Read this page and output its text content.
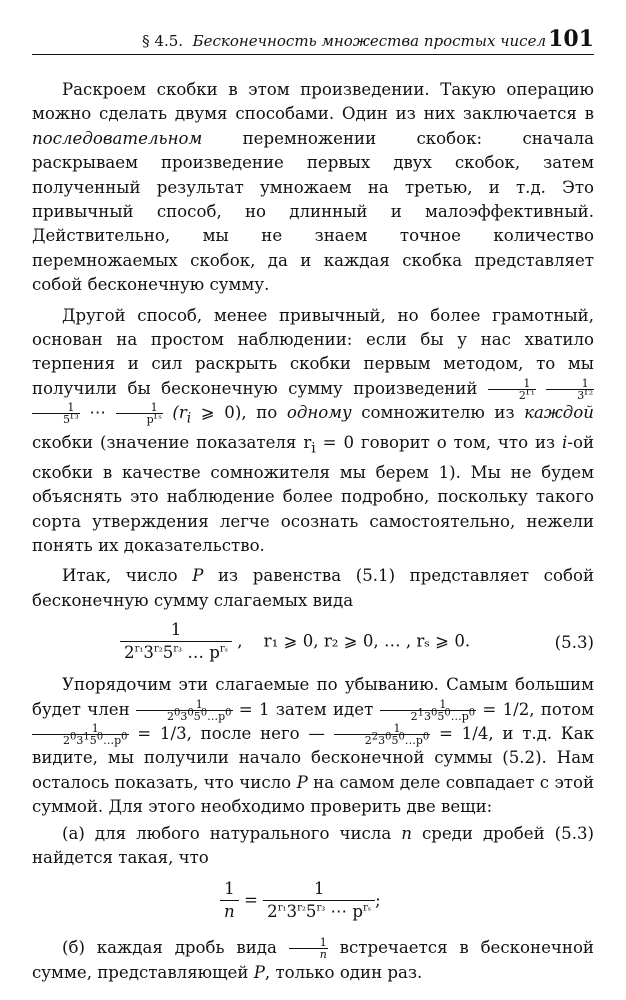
§ 4.5. Бесконечность множества простых чисел 101

Раскроем скобки в этом произведении. Такую операцию можно сделать двумя способами. Один из них заключается в последовательном перемножении скобок: сначала раскрываем произведение первых двух скобок, затем полученный результат умножаем на третью, и т.д. Это привычный способ, но длинный и малоэффективный. Действительно, мы не знаем точное количество перемножаемых скобок, да и каждая скобка представляет собой бесконечную сумму.

Другой способ, менее привычный, но более грамотный, основан на простом наблюдении: если бы у нас хватило терпения и сил раскрыть скобки первым методом, то мы получили бы бесконечную сумму произведений $\frac{1}{2^{r_1}}$
$\frac{1}{3^{r_2}}$

$\frac{1}{5^{r_3}}$ ⋯	1
$p^{r_s}$ ($r_i$ ⩾ 0), по одному сомножителю из каждой скобки (значение показателя $r_i = 0$ говорит о том, что из i-ой скобки в качестве сомножителя мы берем 1). Мы не будем объяснять это наблюдение более подробно, поскольку такого сорта утверждения легче осознать самостоятельно, нежели понять их доказательство.

Итак, число P из равенства (5.1) представляет собой бесконечную сумму слагаемых вида

1
$2^{r_1}3^{r_2}5^{r_3}$ … $p^{r_s}$ ,    r₁ ⩾ 0, r₂ ⩾ 0, … , rₛ ⩾ 0.	(5.3)

Упорядочим эти слагаемые по убыванию. Самым большим будет член $\frac{1}{2^03^05^0\dots p^0} = 1$ затем идет $\frac{1}{2^13^05^0\dots p^0} = 1/2$, потом
$\frac{1}{2^03^15^0\dots p^0} = 1/3$, после него — $\frac{1}{2^23^05^0\dots p^0} = 1/4$, и т.д. Как видите, мы получили начало бесконечной суммы (5.2). Нам осталось показать, что число P на самом деле совпадает с этой суммой. Для этого необходимо проверить две вещи:

(а) для любого натурального числа n среди дробей (5.3) найдется такая, что

$\frac{1}{n}$ =
1
$2^{r_1}3^{r_2}5^{r_3}$ ⋯ $p^{r_s}$ ;

(б) каждая дробь вида $\frac{1}{n}$ встречается в бесконечной сумме, представляющей P, только один раз.
